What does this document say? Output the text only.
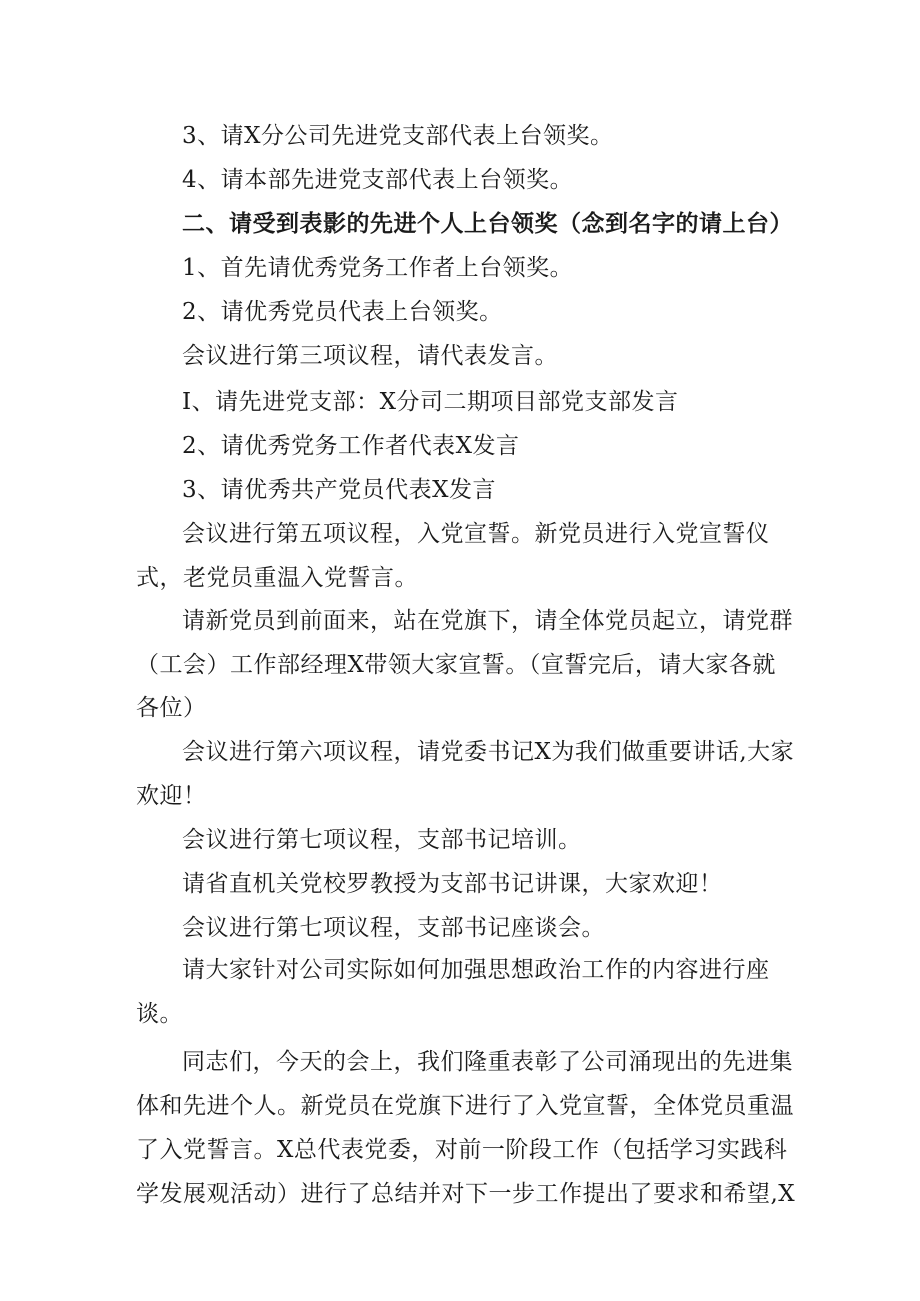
3、请X分公司先进党支部代表上台领奖。
4、请本部先进党支部代表上台领奖。
二、请受到表影的先进个人上台领奖（念到名字的请上台）
1、首先请优秀党务工作者上台领奖。
2、请优秀党员代表上台领奖。
会议进行第三项议程，请代表发言。
I、请先进党支部：X分司二期项目部党支部发言
2、请优秀党务工作者代表X发言
3、请优秀共产党员代表X发言
会议进行第五项议程，入党宣誓。新党员进行入党宣誓仪
式，老党员重温入党誓言。
请新党员到前面来，站在党旗下，请全体党员起立，请党群
（工会）工作部经理X带领大家宣誓。（宣誓完后，请大家各就
各位）
会议进行第六项议程，请党委书记X为我们做重要讲话,大家
欢迎！
会议进行第七项议程，支部书记培训。
请省直机关党校罗教授为支部书记讲课，大家欢迎！
会议进行第七项议程，支部书记座谈会。
请大家针对公司实际如何加强思想政治工作的内容进行座
谈。
同志们，今天的会上，我们隆重表彰了公司涌现出的先进集
体和先进个人。新党员在党旗下进行了入党宣誓，全体党员重温
了入党誓言。X总代表党委，对前一阶段工作（包括学习实践科
学发展观活动）进行了总结并对下一步工作提出了要求和希望,X
